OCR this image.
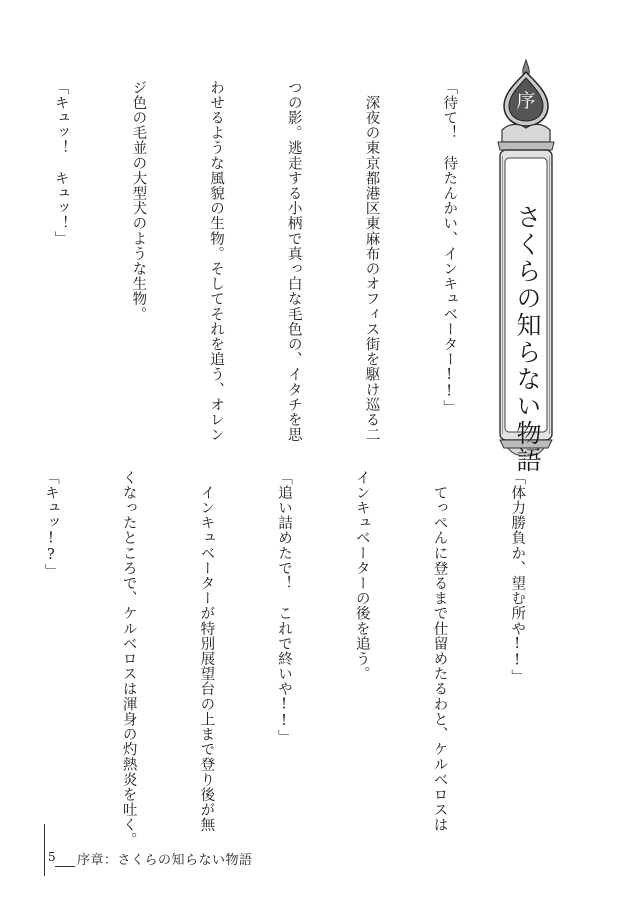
序
さくらの知らない物語

「待て！　待たんかい、インキュベーター!!」

　深夜の東京都港区東麻布のオフィス街を駆け巡る二

つの影。逃走する小柄で真っ白な毛色の、イタチを思

わせるような風貌の生物。そしてそれを追う、オレン

ジ色の毛並の大型犬のような生物。

「キュッ！　キュッ！」

「体力勝負か、望む所や!!」

　てっぺんに登るまで仕留めたるわと、ケルベロスは

インキュベーターの後を追う。

「追い詰めたで！　これで終いや!!」

　インキュベーターが特別展望台の上まで登り後が無

くなったところで、ケルベロスは渾身の灼熱炎を吐く。

「キュッ!?」

5 序章：さくらの知らない物語
